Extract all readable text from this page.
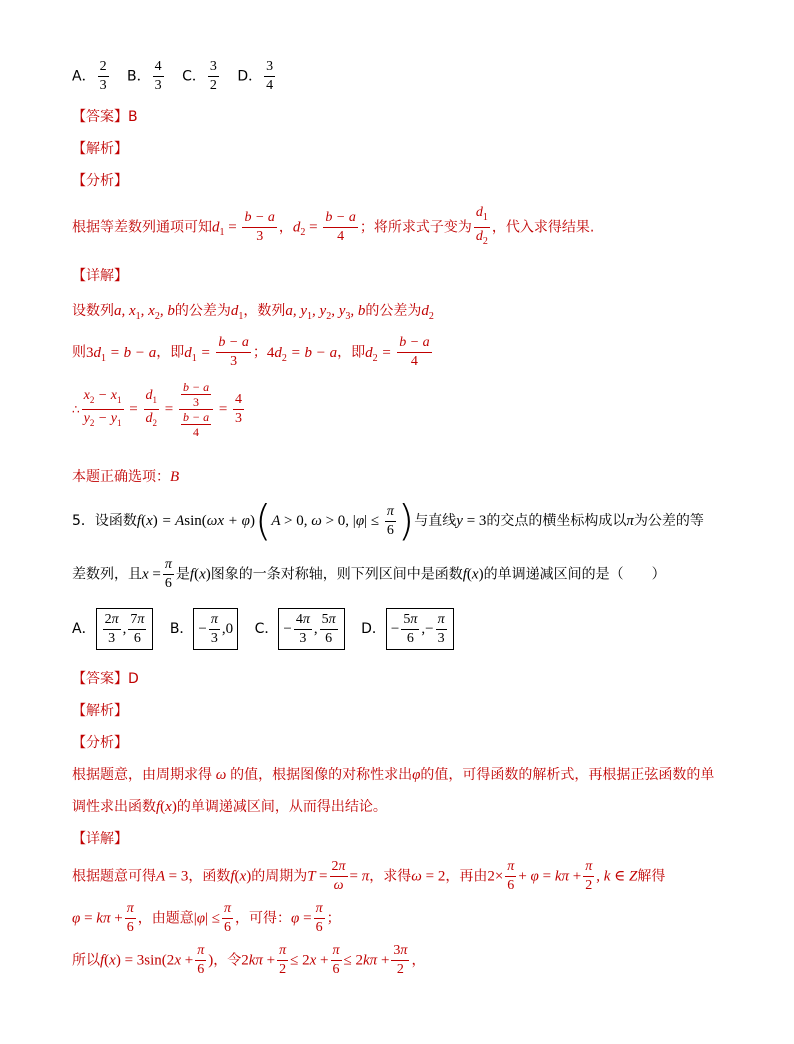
A． $\frac{2}{3}$ B． $\frac{4}{3}$ C． $\frac{3}{2}$ D． $\frac{3}{4}$
【答案】B
【解析】
【分析】
根据等差数列通项可知$d_1 = \frac{b - a}{3}$ ，$d_2 = \frac{b - a}{4}$ ；将所求式子变为 $\frac{d_1}{d_2}$ ，代入求得结果.
【详解】
设数列a, $x_1$, $x_2$, b的公差为$d_1$，数列a, $y_1$, $y_2$, $y_3$, b的公差为$d_2$
则$3d_1 = b - a$，即$d_1 = \frac{b - a}{3}$ ；$4d_2 = b - a$，即$d_2 = \frac{b - a}{4}$
∴ $\frac{x_2 - x_1}{y_2 - y_1} = \frac{d_1}{d_2} = \frac{\frac{b - a}{3}}{\frac{b - a}{4}} = \frac{4}{3}$
本题正确选项：B
5．设函数f(x) = Asin(ωx + φ)(A > 0, ω > 0, $|\varphi| \le \frac{\pi}{6}$ )与直线y = 3的交点的横坐标构成以π为公差的等
差数列，且$x = \frac{\pi}{6}$ 是f(x)图象的一条对称轴，则下列区间中是函数f(x)的单调递减区间的是（　　）
A． $\frac{2\pi}{3}$ , $\frac{7\pi}{6}$ B． − $\frac{\pi}{3} ,0$ C． − $\frac{4\pi}{3}$ , $\frac{5\pi}{6}$ D． − $\frac{5\pi}{6}$ ,− $\frac{\pi}{3}$
【答案】D
【解析】
【分析】
根据题意，由周期求得 ω 的值，根据图像的对称性求出φ的值，可得函数的解析式，再根据正弦函数的单
调性求出函数f(x)的单调递减区间，从而得出结论。
【详解】
根据题意可得A = 3，函数f(x)的周期为$T = \frac{2\pi}{\omega} = \pi$，求得ω = 2，再由$2\times \frac{\pi}{6} + \varphi = k\pi + \frac{\pi}{2}$ , k ∈ Z解得
$\varphi = k\pi + \frac{\pi}{6}$ ，由题意$|\varphi| \le \frac{\pi}{6}$ ，可得：$\varphi = \frac{\pi}{6}$ ；
所以$f(x) = 3\sin(2x + \frac{\pi}{6}$ )，令$2k\pi + \frac{\pi}{2} \le 2x + \frac{\pi}{6} \le 2k\pi + \frac{3\pi}{2}$ ，
